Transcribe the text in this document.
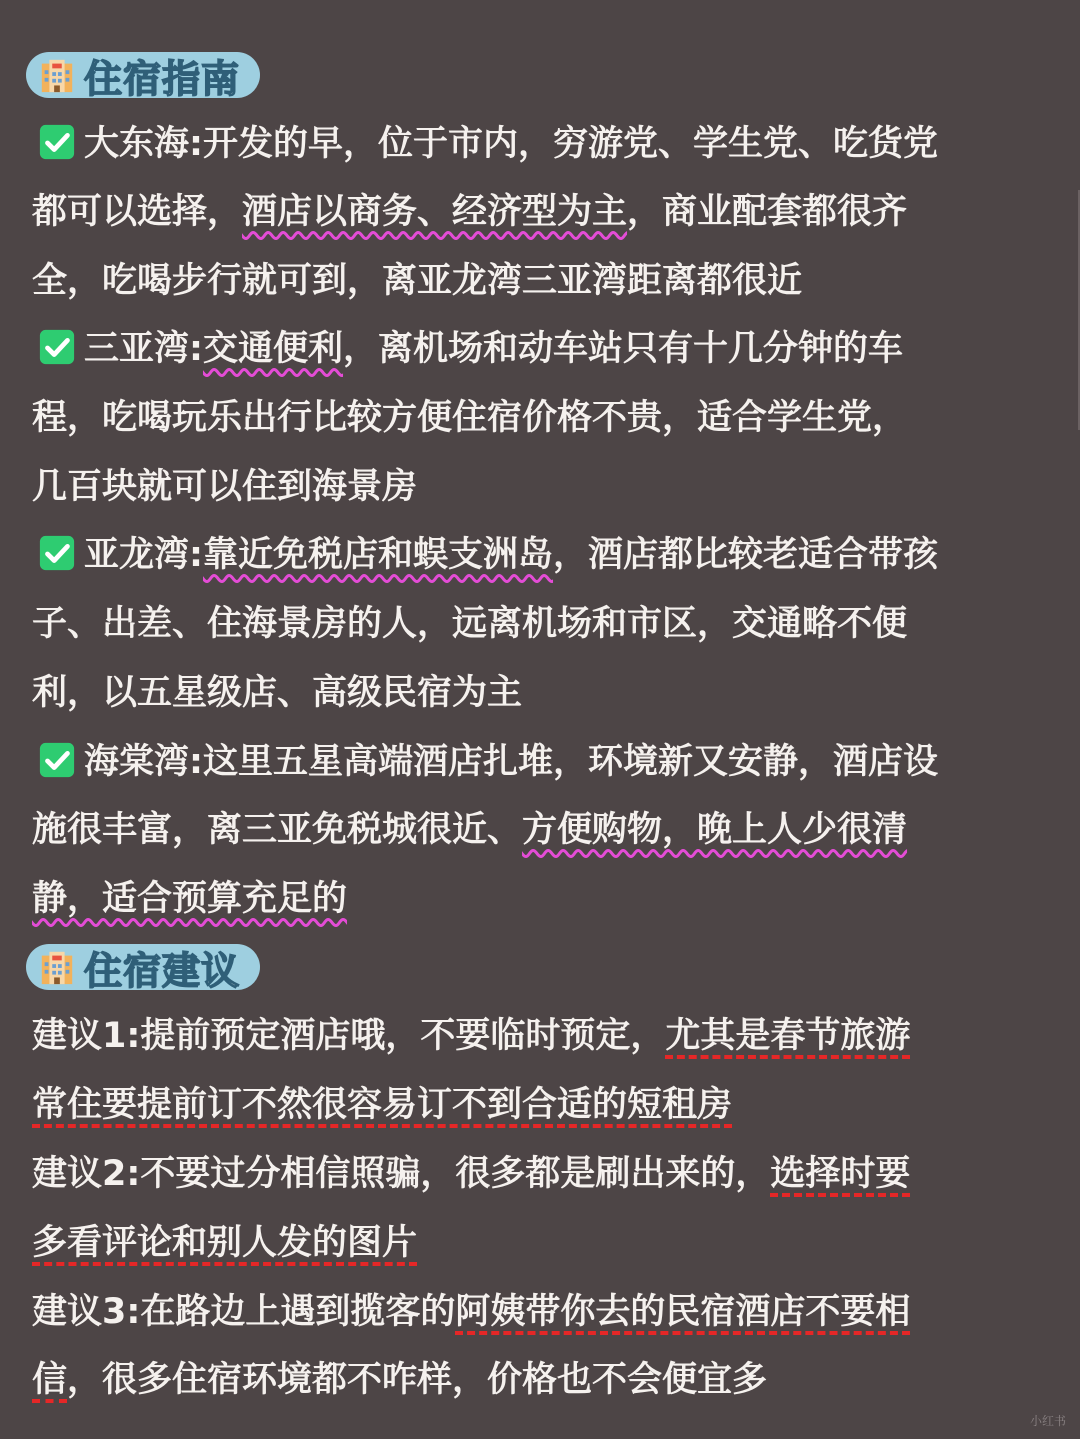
住宿指南
大东海:开发的早，位于市内，穷游党、学生党、吃货党
都可以选择，酒店以商务、经济型为主，商业配套都很齐
全，吃喝步行就可到，离亚龙湾三亚湾距离都很近
三亚湾:交通便利，离机场和动车站只有十几分钟的车
程，吃喝玩乐出行比较方便住宿价格不贵，适合学生党，
几百块就可以住到海景房
亚龙湾:靠近免税店和蜈支洲岛，酒店都比较老适合带孩
子、出差、住海景房的人，远离机场和市区，交通略不便
利，以五星级店、高级民宿为主
海棠湾:这里五星高端酒店扎堆，环境新又安静，酒店设
施很丰富，离三亚免税城很近、方便购物，晚上人少很清
静，适合预算充足的
住宿建议
建议1:提前预定酒店哦，不要临时预定，尤其是春节旅游
常住要提前订不然很容易订不到合适的短租房
建议2:不要过分相信照骗，很多都是刷出来的，选择时要
多看评论和别人发的图片
建议3:在路边上遇到揽客的阿姨带你去的民宿酒店不要相
信，很多住宿环境都不咋样，价格也不会便宜多
小红书
